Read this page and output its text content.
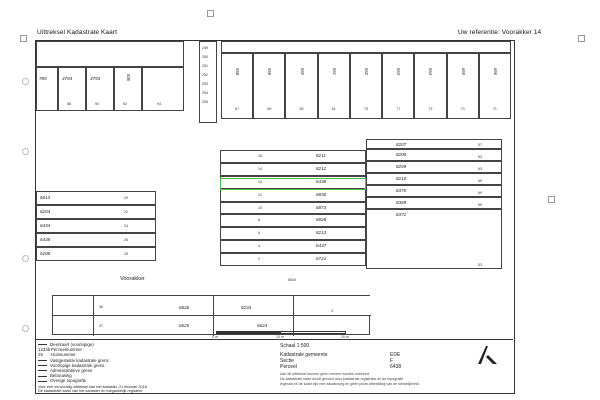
Uittreksel Kadastrale Kaart	Uw referentie: Voorakker 14
785	3794
88
3793
90
836
92	94
249
250
251
252
253
254
255
658
67
659
69
660
65
661
61
662
75
663
77
664
73
665
73
666
71
16	8211
14	8212
14	6438
12	6830
10	6873
8	6828
6	8213
4	6437
2	6721
8207	57
8208	53
8209	63
8210	65
8370	69
8369	55
8371
53
6613	20
6204	22
6434	24
6435	26
5208	28
Voorakker	5830
36	6626	5234
37	6625	6624
3
0 m	10 m	20 m
Deerkaart (voorlopige)
12345Perceelnummer
25 Huisnummer
Vastgestelde kadastrale grens
Voorlopige kadastrale grens
Administratieve grens
Bebouwing
Overige topografie
Voor een eenvoudig uittreksel kan het kadaster, 21 februari 2018
De kadastrale kaart van het kadaster en toegankelijk registers
Schaal 1:500
Kadastrale gemeente	EDE
Sectie	F
Perceel	6438
Aan dit uittreksel kunnen geen rechten worden ontleend.
De kadastrale kaart wordt gevoed door kadastrale registratie en de topografie
legenda en de kaart zijn niet nauwkeurig en geen juiste afbeelding van de werkelijkheid.
